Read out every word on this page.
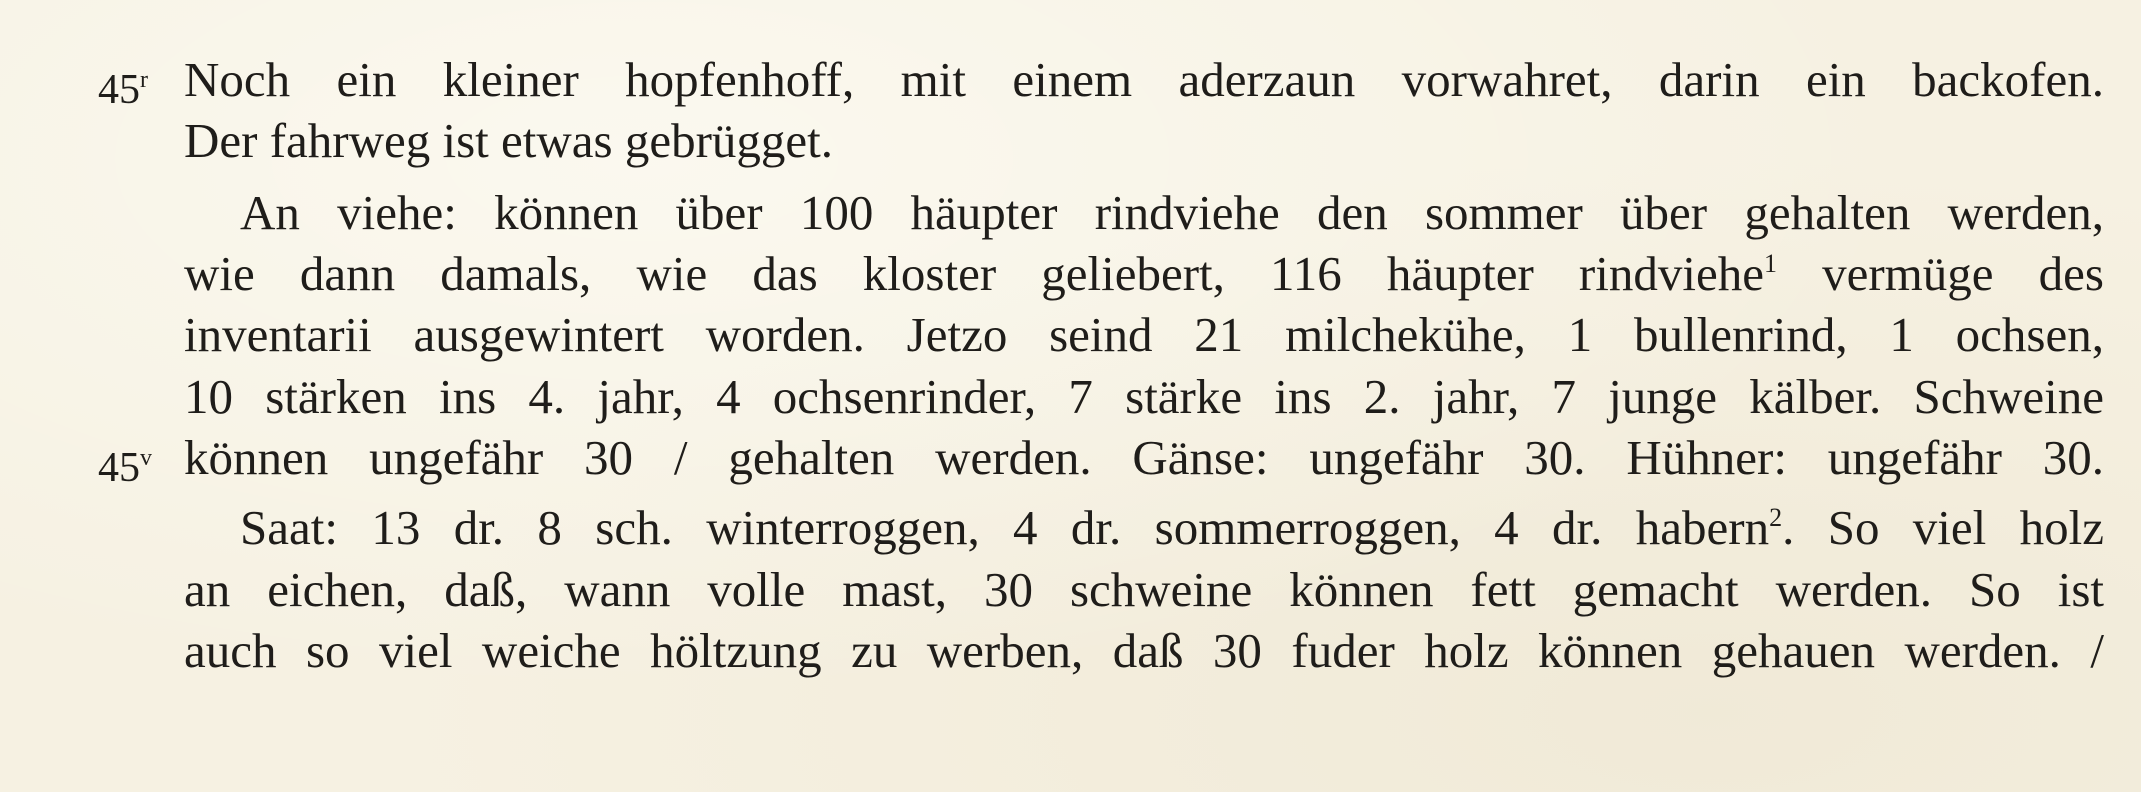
45$^r$
45$^v$
Noch ein kleiner hopfenhoff, mit einem aderzaun vorwahret, darin ein backofen.
Der fahrweg ist etwas gebrügget.
An viehe: können über 100 häupter rindviehe den sommer über gehalten werden,
wie dann damals, wie das kloster geliebert, 116 häupter rindviehe$^1$ vermüge des
inventarii ausgewintert worden. Jetzo seind 21 milchekühe, 1 bullenrind, 1 ochsen,
10 stärken ins 4. jahr, 4 ochsenrinder, 7 stärke ins 2. jahr, 7 junge kälber. Schweine
können ungefähr 30 / gehalten werden. Gänse: ungefähr 30. Hühner: ungefähr 30.
Saat: 13 dr. 8 sch. winterroggen, 4 dr. sommerroggen, 4 dr. habern$^2$. So viel holz
an eichen, daß, wann volle mast, 30 schweine können fett gemacht werden. So ist
auch so viel weiche höltzung zu werben, daß 30 fuder holz können gehauen werden. /
